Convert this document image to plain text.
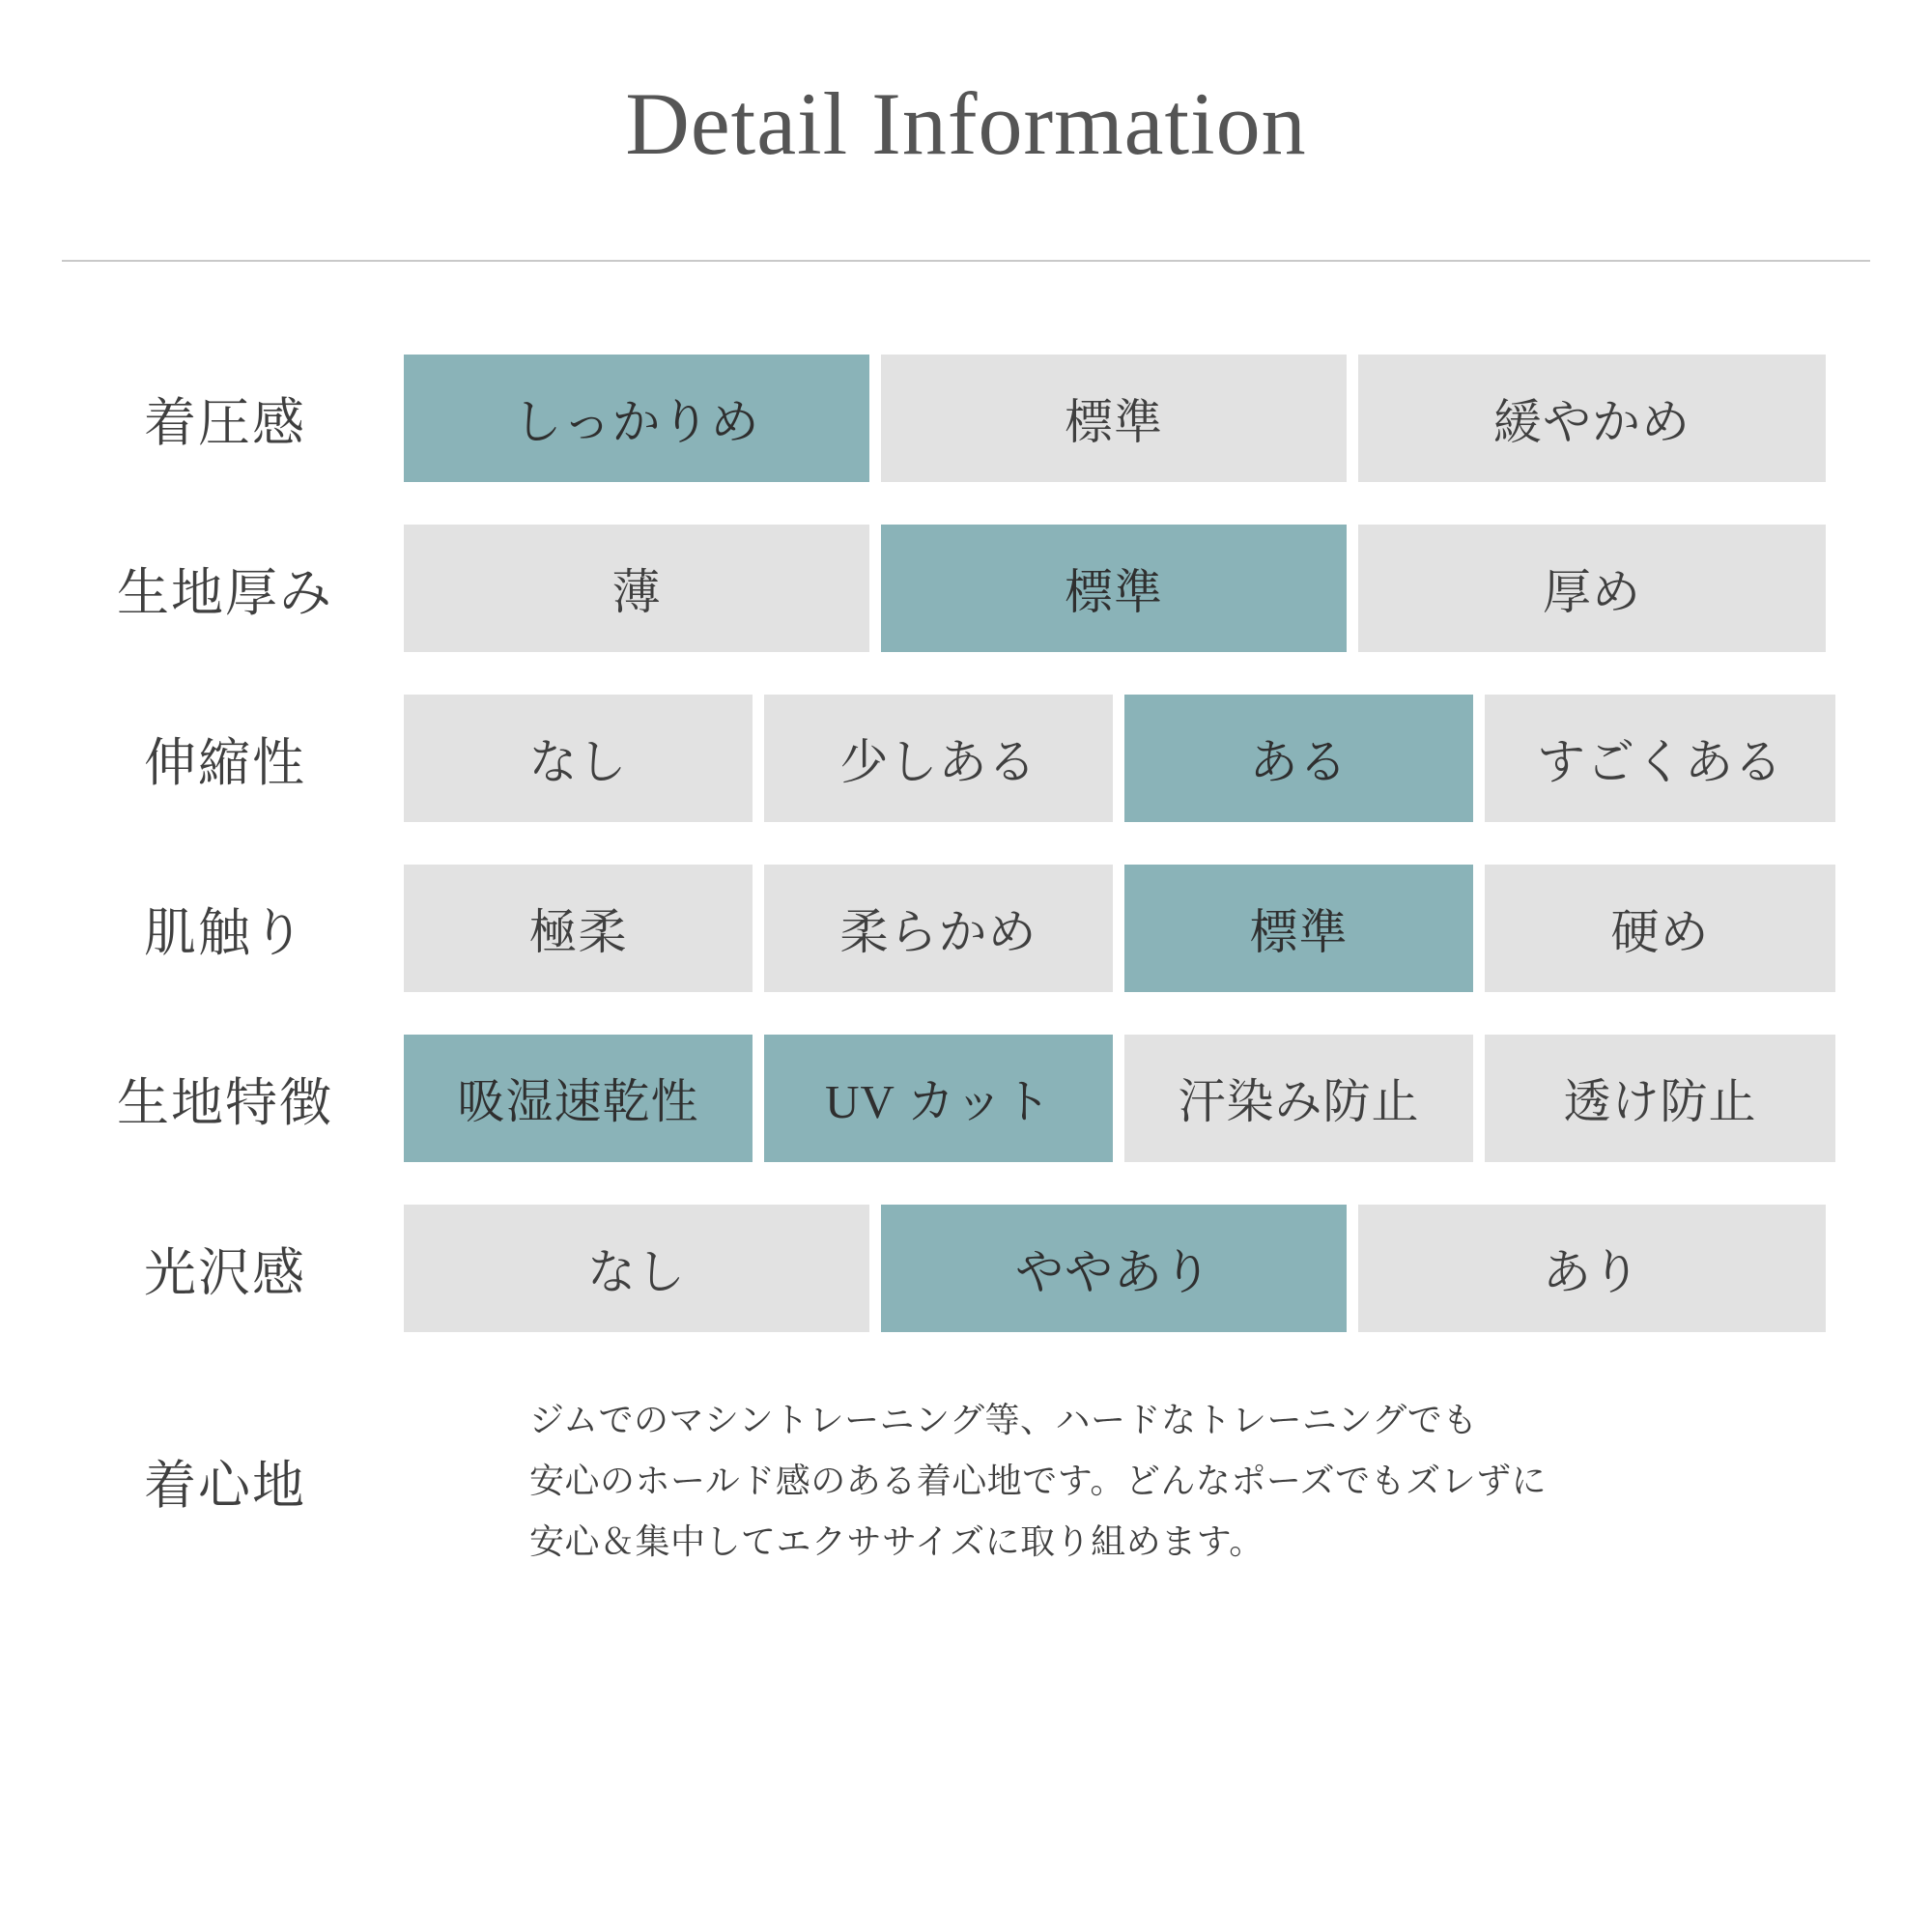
Detail Information
着圧感	しっかりめ	標準	緩やかめ
生地厚み	薄	標準	厚め
伸縮性	なし	少しある	ある	すごくある
肌触り	極柔	柔らかめ	標準	硬め
生地特徴	吸湿速乾性	UV カット	汗染み防止	透け防止
光沢感	なし	ややあり	あり
着心地
ジムでのマシントレーニング等、ハードなトレーニングでも
安心のホールド感のある着心地です。どんなポーズでもズレずに
安心＆集中してエクササイズに取り組めます。
